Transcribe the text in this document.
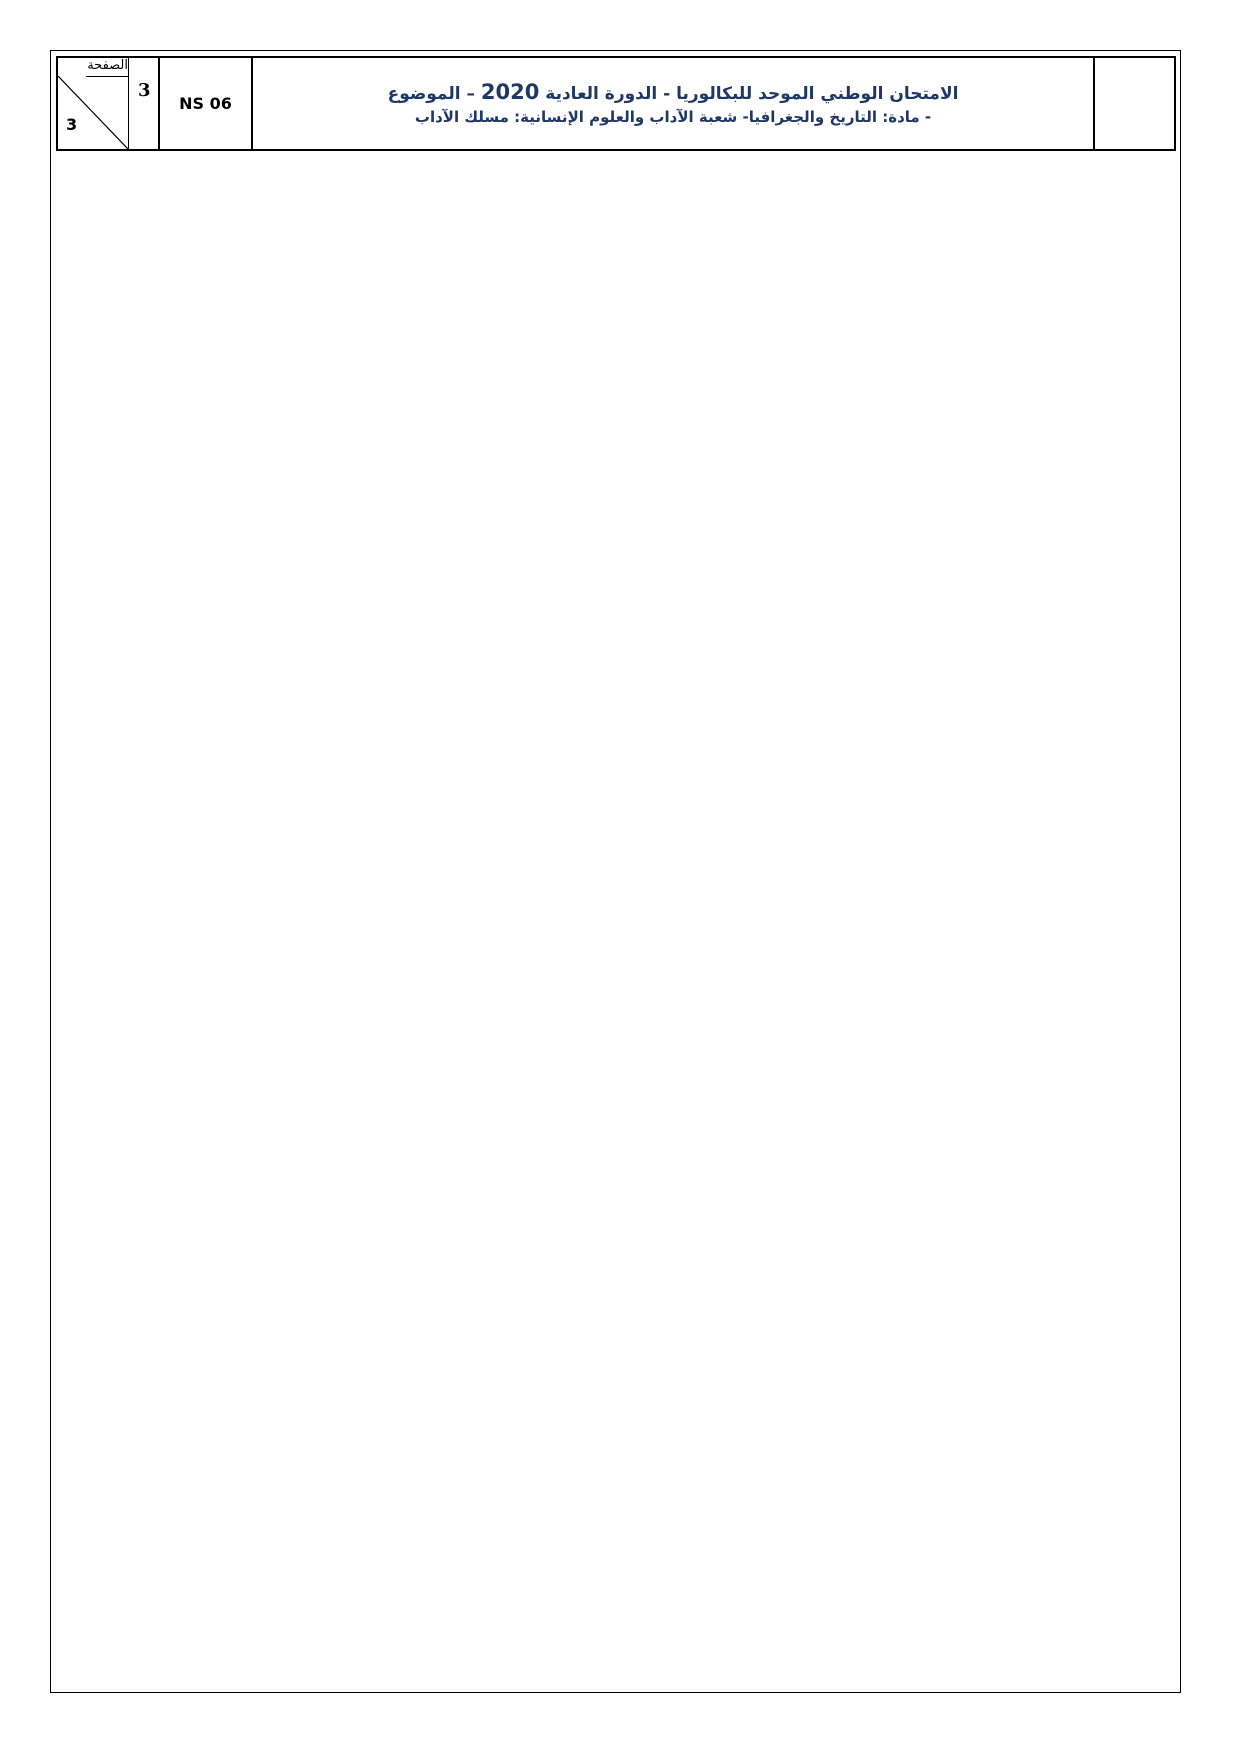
الصفحة
3
3
NS 06	الامتحان الوطني الموحد للبكالوريا - الدورة العادية 2020 – الموضوع
- مادة: التاريخ والجغرافيا- شعبة الآداب والعلوم الإنسانية: مسلك الآداب
